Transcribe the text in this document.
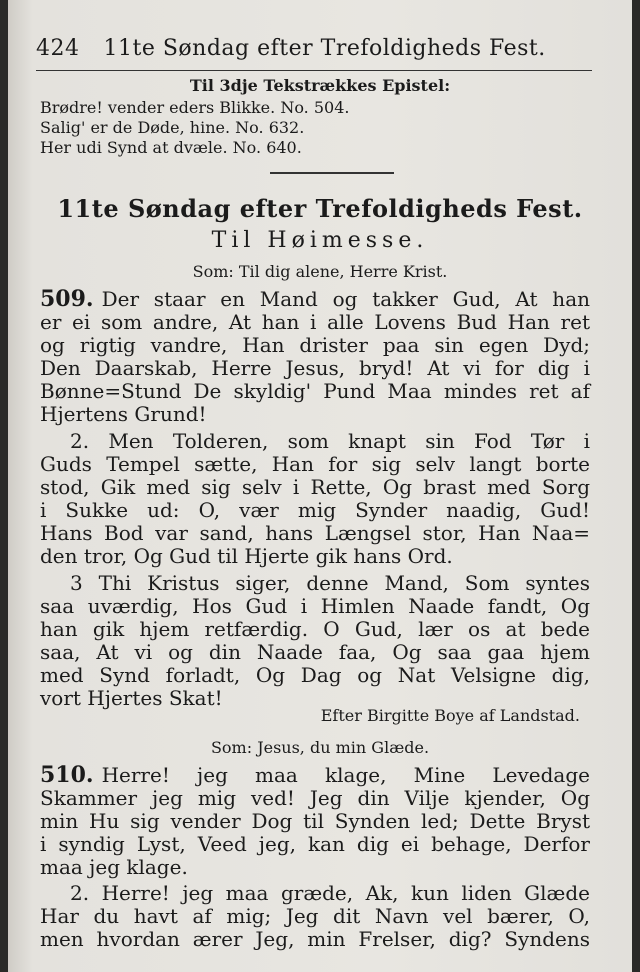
424 11te Søndag efter Trefoldigheds Fest.
Til 3dje Tekstrækkes Epistel:
Brødre! vender eders Blikke. No. 504.
Salig' er de Døde, hine. No. 632.
Her udi Synd at dvæle. No. 640.
11te Søndag efter Trefoldigheds Fest.
Til Høimesse.
Som: Til dig alene, Herre Krist.
509. Der staar en Mand og takker Gud, At han
er ei som andre, At han i alle Lovens Bud Han ret
og rigtig vandre, Han drister paa sin egen Dyd;
Den Daarskab, Herre Jesus, bryd! At vi for dig i
Bønne=Stund De skyldig' Pund Maa mindes ret af
Hjertens Grund!
2. Men Tolderen, som knapt sin Fod Tør i
Guds Tempel sætte, Han for sig selv langt borte
stod, Gik med sig selv i Rette, Og brast med Sorg
i Sukke ud: O, vær mig Synder naadig, Gud!
Hans Bod var sand, hans Længsel stor, Han Naa=
den tror, Og Gud til Hjerte gik hans Ord.
3 Thi Kristus siger, denne Mand, Som syntes
saa uværdig, Hos Gud i Himlen Naade fandt, Og
han gik hjem retfærdig. O Gud, lær os at bede
saa, At vi og din Naade faa, Og saa gaa hjem
med Synd forladt, Og Dag og Nat Velsigne dig,
vort Hjertes Skat!
Efter Birgitte Boye af Landstad.
Som: Jesus, du min Glæde.
510. Herre! jeg maa klage, Mine Levedage
Skammer jeg mig ved! Jeg din Vilje kjender, Og
min Hu sig vender Dog til Synden led; Dette Bryst
i syndig Lyst, Veed jeg, kan dig ei behage, Derfor
maa jeg klage.
2. Herre! jeg maa græde, Ak, kun liden Glæde
Har du havt af mig; Jeg dit Navn vel bærer, O,
men hvordan ærer Jeg, min Frelser, dig? Syndens
